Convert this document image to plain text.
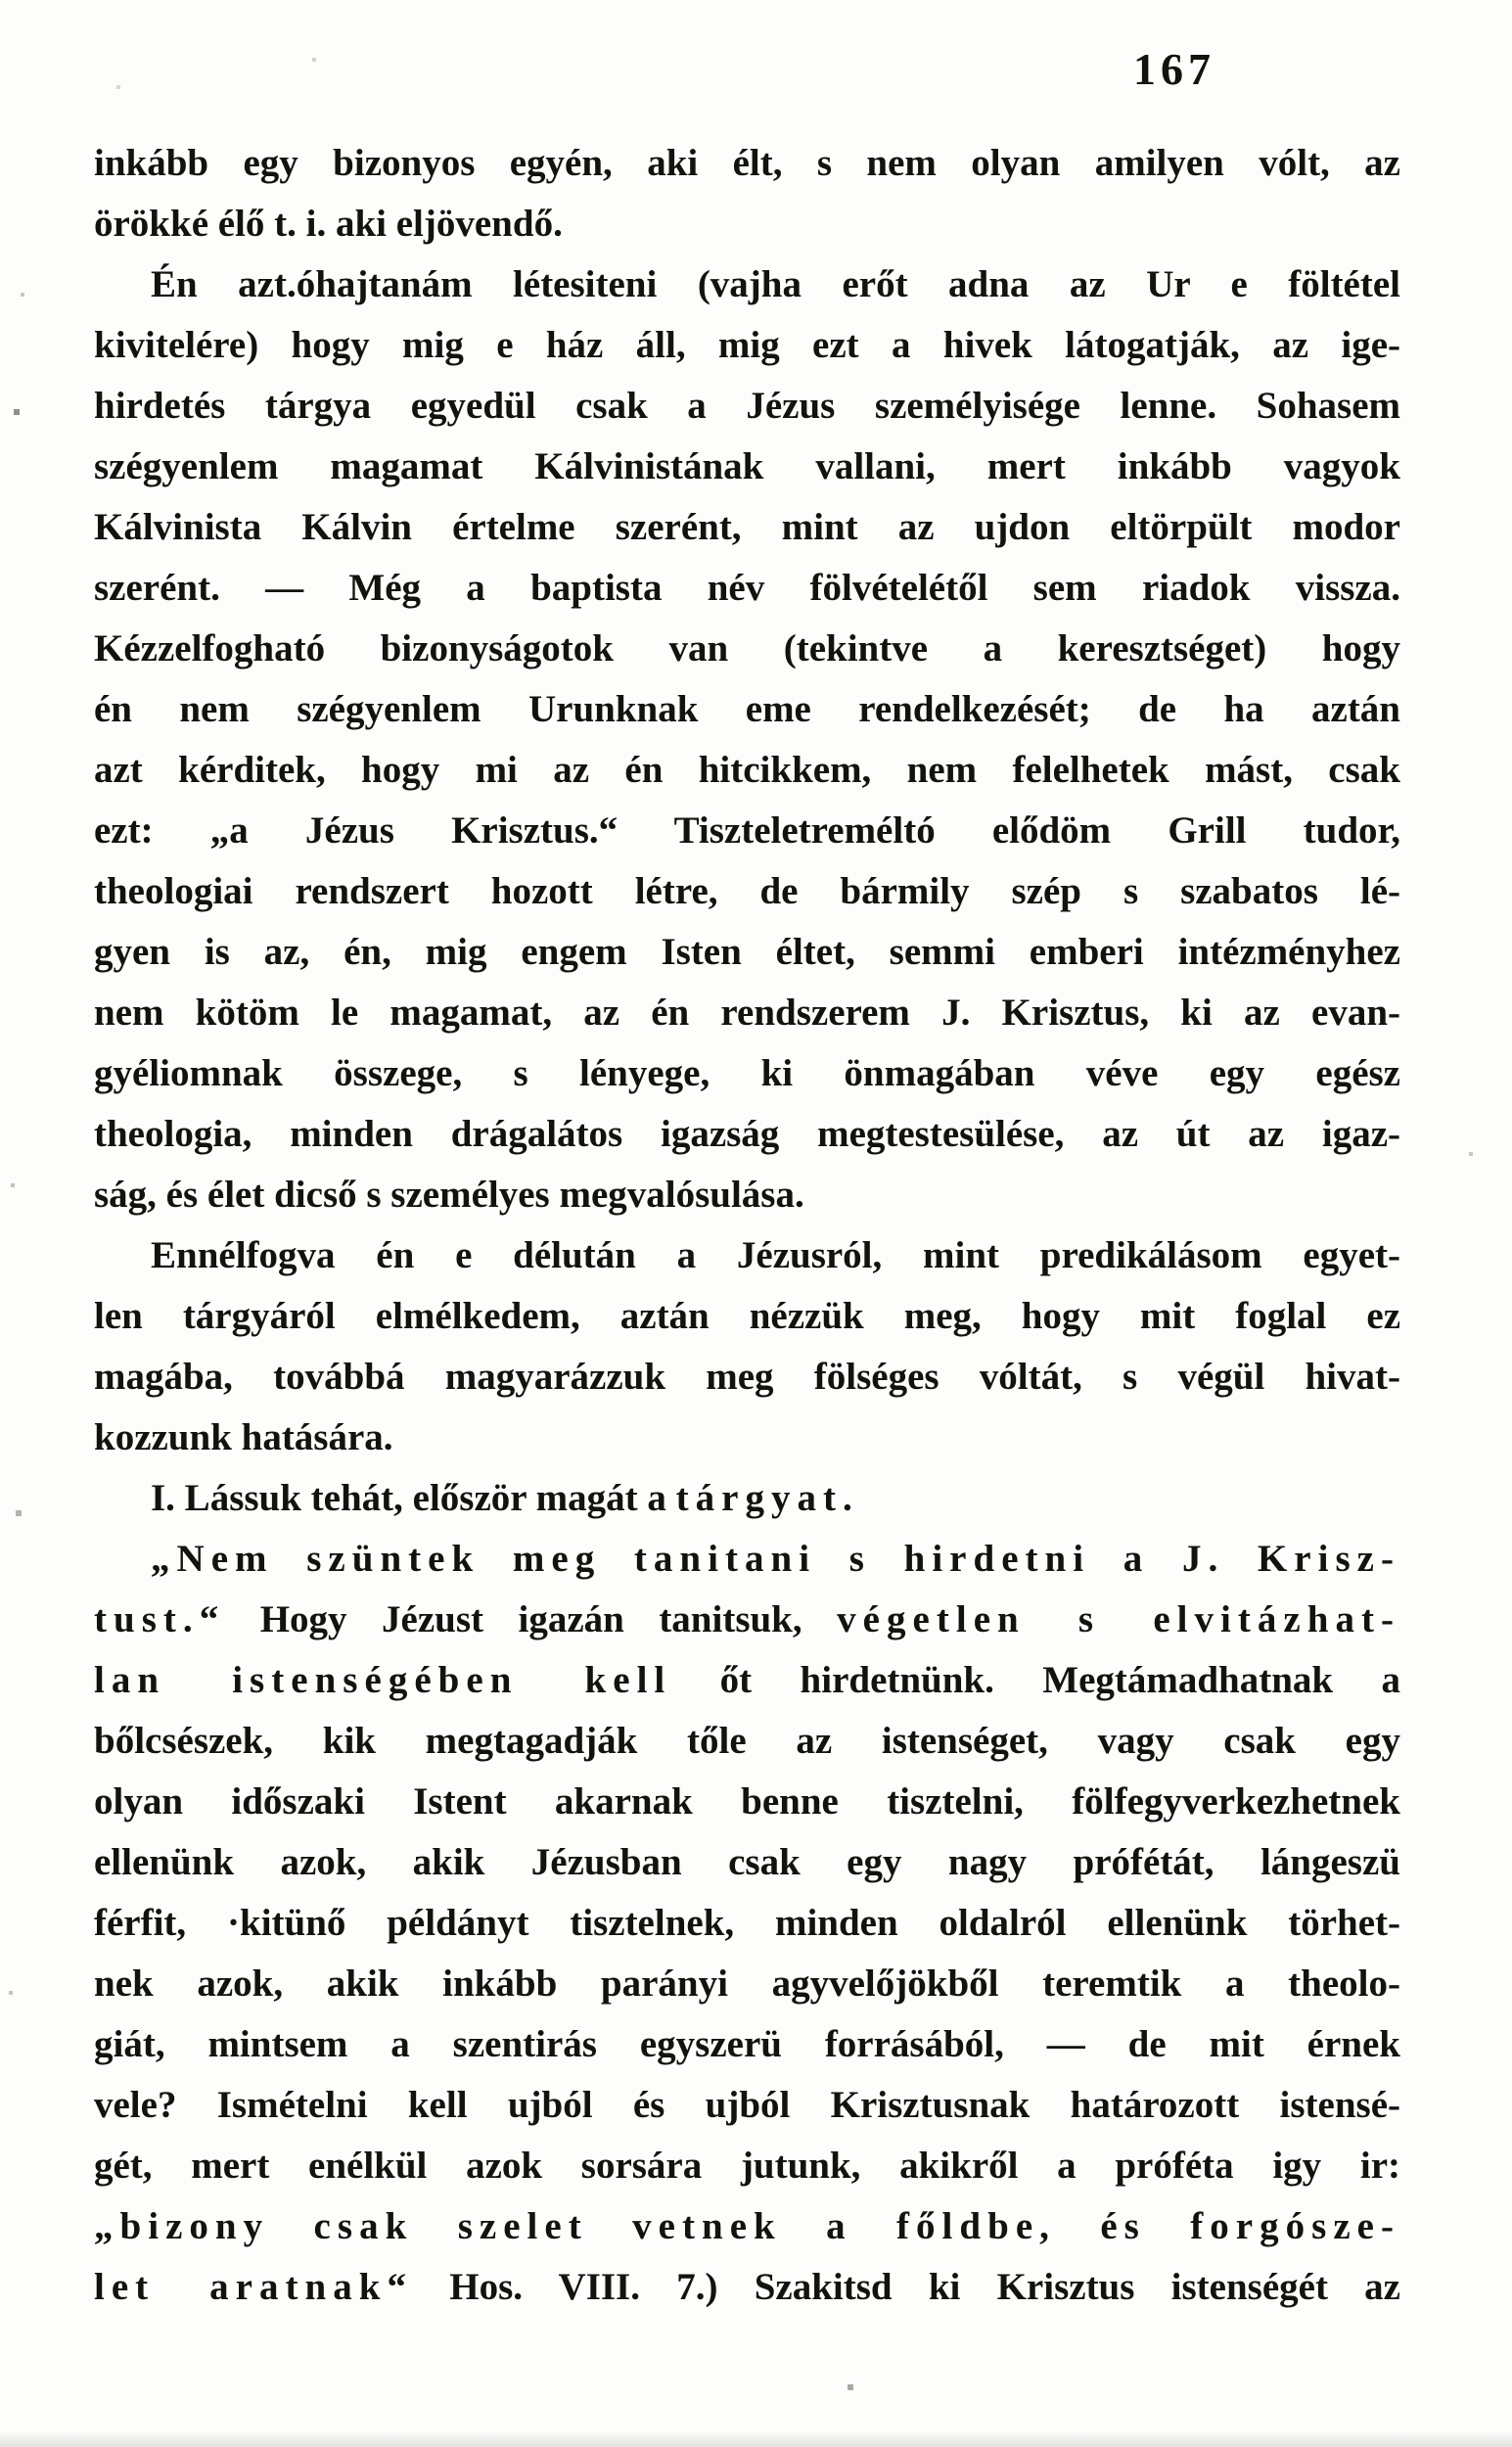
167
inkább egy bizonyos egyén, aki élt, s nem olyan amilyen vólt, az
örökké élő t. i. aki eljövendő.
Én azt.óhajtanám létesiteni (vajha erőt adna az Ur e föltétel
kivitelére) hogy mig e ház áll, mig ezt a hivek látogatják, az ige-
hirdetés tárgya egyedül csak a Jézus személyisége lenne. Sohasem
szégyenlem magamat Kálvinistának vallani, mert inkább vagyok
Kálvinista Kálvin értelme szerént, mint az ujdon eltörpült modor
szerént. — Még a baptista név fölvételétől sem riadok vissza.
Kézzelfogható bizonyságotok van (tekintve a keresztséget) hogy
én nem szégyenlem Urunknak eme rendelkezését; de ha aztán
azt kérditek, hogy mi az én hitcikkem, nem felelhetek mást, csak
ezt: „a Jézus Krisztus.“ Tiszteletreméltó elődöm Grill tudor,
theologiai rendszert hozott létre, de bármily szép s szabatos lé-
gyen is az, én, mig engem Isten éltet, semmi emberi intézményhez
nem kötöm le magamat, az én rendszerem J. Krisztus, ki az evan-
gyéliomnak összege, s lényege, ki önmagában véve egy egész
theologia, minden drágalátos igazság megtestesülése, az út az igaz-
ság, és élet dicső s személyes megvalósulása.
Ennélfogva én e délután a Jézusról, mint predikálásom egyet-
len tárgyáról elmélkedem, aztán nézzük meg, hogy mit foglal ez
magába, továbbá magyarázzuk meg fölséges vóltát, s végül hivat-
kozzunk hatására.
I. Lássuk tehát, először magát a tárgyat.
„Nem szüntek meg tanitani s hirdetni a J. Krisz-
tust.“ Hogy Jézust igazán tanitsuk, végetlen s elvitázhat-
lan istenségében kell őt hirdetnünk. Megtámadhatnak a
bőlcsészek, kik megtagadják tőle az istenséget, vagy csak egy
olyan időszaki Istent akarnak benne tisztelni, fölfegyverkezhetnek
ellenünk azok, akik Jézusban csak egy nagy prófétát, lángeszü
férfit, ·kitünő példányt tisztelnek, minden oldalról ellenünk törhet-
nek azok, akik inkább parányi agyvelőjökből teremtik a theolo-
giát, mintsem a szentirás egyszerü forrásából, — de mit érnek
vele? Ismételni kell ujból és ujból Krisztusnak határozott istensé-
gét, mert enélkül azok sorsára jutunk, akikről a próféta igy ir:
„bizony csak szelet vetnek a főldbe, és forgósze-
let aratnak“ Hos. VIII. 7.) Szakitsd ki Krisztus istenségét az
